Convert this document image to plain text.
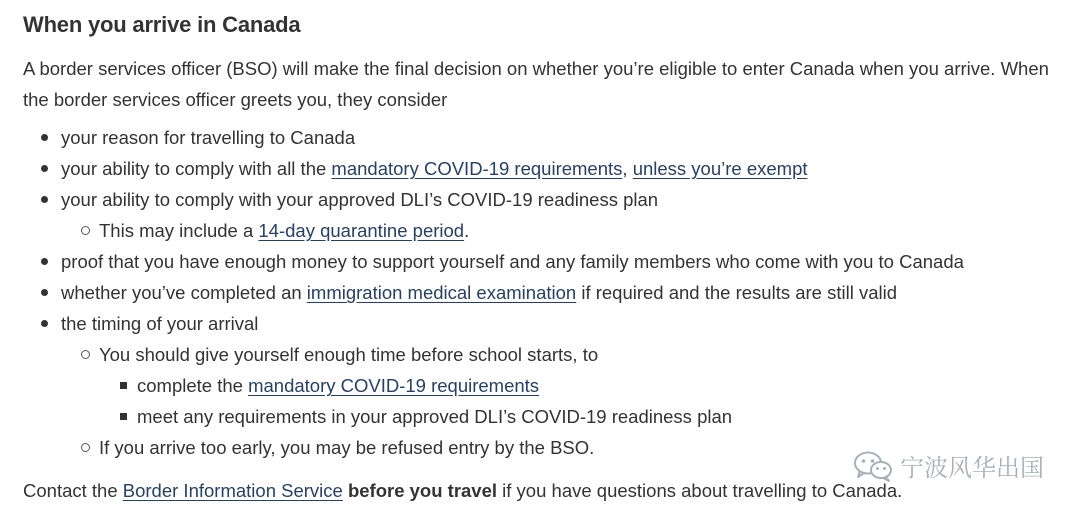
When you arrive in Canada

A border services officer (BSO) will make the final decision on whether you’re eligible to enter Canada when you arrive. When the border services officer greets you, they consider

your reason for travelling to Canada
your ability to comply with all the mandatory COVID-19 requirements, unless you’re exempt
your ability to comply with your approved DLI’s COVID-19 readiness plan
This may include a 14-day quarantine period.
proof that you have enough money to support yourself and any family members who come with you to Canada
whether you’ve completed an immigration medical examination if required and the results are still valid
the timing of your arrival
You should give yourself enough time before school starts, to
complete the mandatory COVID-19 requirements
meet any requirements in your approved DLI’s COVID-19 readiness plan
If you arrive too early, you may be refused entry by the BSO.

Contact the Border Information Service before you travel if you have questions about travelling to Canada.

宁波风华出国
